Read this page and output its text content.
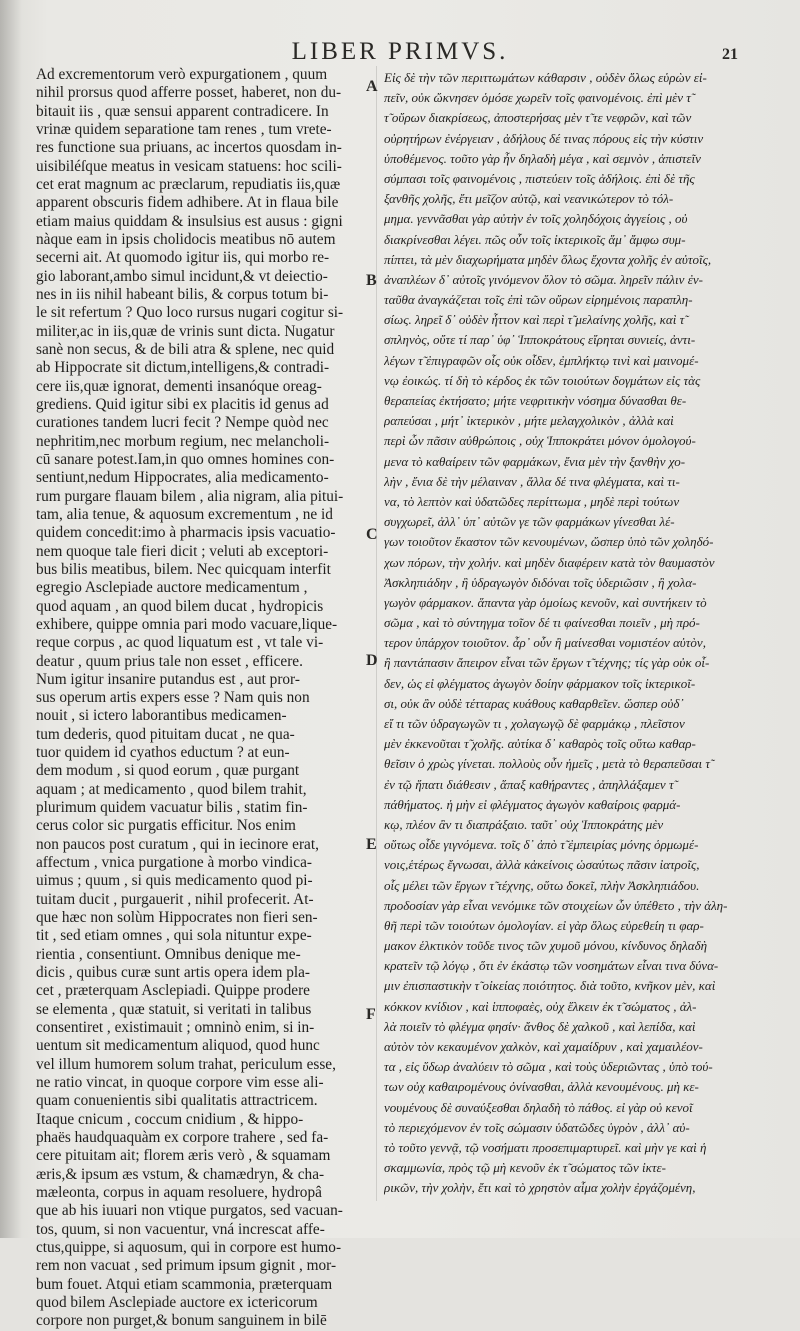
LIBER PRIMVS.	21
Ad excrementorum verò expurgationem , quum
nihil prorsus quod afferre posset, haberet, non du-
bitauit iis , quæ sensui apparent contradicere. In
vrinæ quidem separatione tam renes , tum vrete-
res functione sua priuans, ac incertos quosdam in-
uisibiléſque meatus in vesicam statuens: hoc scili-
cet erat magnum ac præclarum, repudiatis iis,quæ
apparent obscuris fidem adhibere. At in flaua bile
etiam maius quiddam & insulsius est ausus : gigni
nàque eam in ipsis cholidocis meatibus nō autem
secerni ait. At quomodo igitur iis, qui morbo re-
gio laborant,ambo simul incidunt,& vt deiectio-
nes in iis nihil habeant bilis, & corpus totum bi-
le sit refertum ? Quo loco rursus nugari cogitur si-
militer,ac in iis,quæ de vrinis sunt dicta. Nugatur
sanè non secus, & de bili atra & splene, nec quid
ab Hippocrate sit dictum,intelligens,& contradi-
cere iis,quæ ignorat, dementi insanóque oreag-
grediens. Quid igitur sibi ex placitis id genus ad
curationes tandem lucri fecit ? Nempe quòd nec
nephritim,nec morbum regium, nec melancholi-
cū sanare potest.Iam,in quo omnes homines con-
sentiunt,nedum Hippocrates, alia medicamento-
rum purgare flauam bilem , alia nigram, alia pitui-
tam, alia tenue, & aquosum excrementum , ne id
quidem concedit:imo à pharmacis ipsis vacuatio-
nem quoque tale fieri dicit ; veluti ab exceptori-
bus bilis meatibus, bilem. Nec quicquam interfit
egregio Asclepiade auctore medicamentum ,
quod aquam , an quod bilem ducat , hydropicis
exhibere, quippe omnia pari modo vacuare,lique-
reque corpus , ac quod liquatum est , vt tale vi-
deatur , quum prius tale non esset , efficere.
Num igitur insanire putandus est , aut pror-
sus operum artis expers esse ? Nam quis non
nouit , si ictero laborantibus medicamen-
tum dederis, quod pituitam ducat , ne qua-
tuor quidem id cyathos eductum ? at eun-
dem modum , si quod eorum , quæ purgant
aquam ; at medicamento , quod bilem trahit,
plurimum quidem vacuatur bilis , statim fin-
cerus color sic purgatis efficitur. Nos enim
non paucos post curatum , qui in iecinore erat,
affectum , vnica purgatione à morbo vindica-
uimus ; quum , si quis medicamento quod pi-
tuitam ducit , purgauerit , nihil profecerit. At-
que hæc non solùm Hippocrates non fieri sen-
tit , sed etiam omnes , qui sola nituntur expe-
rientia , consentiunt. Omnibus denique me-
dicis , quibus curæ sunt artis opera idem pla-
cet , præterquam Asclepiadi. Quippe prodere
se elementa , quæ statuit, si veritati in talibus
consentiret , existimauit ; omninò enim, si in-
uentum sit medicamentum aliquod, quod hunc
vel illum humorem solum trahat, periculum esse,
ne ratio vincat, in quoque corpore vim esse ali-
quam conuenientis sibi qualitatis attractricem.
Itaque cnicum , coccum cnidium , & hippo-
phaës haudquaquàm ex corpore trahere , sed fa-
cere pituitam ait; florem æris verò , & squamam
æris,& ipsum æs vstum, & chamædryn, & cha-
mæleonta, corpus in aquam resoluere, hydropâ
que ab his iuuari non vtique purgatos, sed vacuan-
tos, quum, si non vacuentur, vná increscat affe-
ctus,quippe, si aquosum, qui in corpore est humo-
rem non vacuat , sed primum ipsum gignit , mor-
bum fouet. Atqui etiam scammonia, præterquam
quod bilem Asclepiade auctore ex ictericorum
corpore non purget,& bonum sanguinem in bilē
A
B
C
D
E
F
Εἰς δὲ τὴν τῶν περιττωμάτων κάθαρσιν , οὐδὲν ὅλως εὑρὼν εἰ-
πεῖν, οὐκ ὤκνησεν ὁμόσε χωρεῖν τοῖς φαινομένοις. ἐπὶ μὲν τ̃
τ̃ οὔρων διακρίσεως, ἀποστερήσας μὲν τ̃ τε νεφρῶν, καὶ τῶν
οὐρητήρων ἐνέργειαν , ἀδήλους δέ τινας πόρους εἰς τὴν κύστιν
ὑποθέμενος. τοῦτο γὰρ ἦν δηλαδὴ μέγα , καὶ σεμνὸν , ἀπιστεῖν
σύμπασι τοῖς φαινομένοις , πιστεύειν τοῖς ἀδήλοις. ἐπὶ δὲ τῆς
ξανθῆς χολῆς, ἔτι μεῖζον αὐτῷ, καὶ νεανικώτερον τὸ τόλ-
μημα. γεννᾶσθαι γὰρ αὐτὴν ἐν τοῖς χοληδόχοις ἀγγείοις , οὐ
διακρίνεσθαι λέγει. πῶς οὖν τοῖς ἰκτερικοῖς ἅμ᾽ ἄμφω συμ-
πίπτει, τὰ μὲν διαχωρήματα μηδὲν ὅλως ἔχοντα χολῆς ἐν αὐτοῖς,
ἀναπλέων δ᾽ αὐτοῖς γινόμενον ὅλον τὸ σῶμα. ληρεῖν πάλιν ἐν-
ταῦθα ἀναγκάζεται τοῖς ἐπὶ τῶν οὔρων εἰρημένοις παραπλη-
σίως. ληρεῖ δ᾽ οὐδὲν ἧττον καὶ περὶ τ̃ μελαίνης χολῆς, καὶ τ̃
σπληνὸς, οὔτε τί παρ᾽ ὑφ᾽ Ἱπποκράτους εἴρηται συνιείς, ἀντι-
λέγων τ̃ ἐπιγραφῶν οἷς οὐκ οἶδεν, ἐμπλήκτῳ τινὶ καὶ μαινομέ-
νῳ ἐοικώς. τί δὴ τὸ κέρδος ἐκ τῶν τοιούτων δογμάτων εἰς τὰς
θεραπείας ἐκτήσατο; μήτε νεφριτικὴν νόσημα δύνασθαι θε-
ραπεύσαι , μήτ᾽ ἰκτερικὸν , μήτε μελαγχολικὸν , ἀλλὰ καὶ
περὶ ὧν πᾶσιν αὐθρώποις , οὐχ Ἱπποκράτει μόνον ὁμολογού-
μενα τὸ καθαίρειν τῶν φαρμάκων, ἔνια μὲν τὴν ξανθὴν χο-
λὴν , ἔνια δὲ τὴν μέλαιναν , ἄλλα δέ τινα φλέγματα, καὶ τι-
να, τὸ λεπτὸν καὶ ὑδατῶδες περίττωμα , μηδὲ περὶ τούτων
συγχωρεῖ, ἀλλ᾽ ὑπ᾽ αὐτῶν γε τῶν φαρμάκων γίνεσθαι λέ-
γων τοιοῦτον ἕκαστον τῶν κενουμένων, ὥσπερ ὑπὸ τῶν χοληδό-
χων πόρων, τὴν χολήν. καὶ μηδὲν διαφέρειν κατὰ τὸν θαυμαστὸν
Ἀσκληπιάδην , ἢ ὑδραγωγὸν διδόναι τοῖς ὑδεριῶσιν , ἢ χολα-
γωγὸν φάρμακον. ἅπαντα γὰρ ὁμοίως κενοῦν, καὶ συντήκειν τὸ
σῶμα , καὶ τὸ σύντηγμα τοῖον δέ τι φαίνεσθαι ποιεῖν , μὴ πρό-
τερον ὑπάρχον τοιοῦτον. ἆρ᾽ οὖν ἢ μαίνεσθαι νομιστέον αὐτὸν,
ἢ παντάπασιν ἄπειρον εἶναι τῶν ἔργων τ̃ τέχνης; τίς γὰρ οὐκ οἶ-
δεν, ὡς εἰ φλέγματος ἀγωγὸν δοίην φάρμακον τοῖς ἰκτερικοῖ-
σι, οὐκ ἂν οὐδὲ τέτταρας κυάθους καθαρθεῖεν. ὥσπερ οὐδ᾽
εἴ τι τῶν ὑδραγωγῶν τι , χολαγωγῷ δὲ φαρμάκῳ , πλεῖστον
μὲν ἐκκενοῦται τ̃ χολῆς. αὐτίκα δ᾽ καθαρὸς τοῖς οὕτω καθαρ-
θεῖσιν ὁ χρὼς γίνεται. πολλοὺς οὖν ἡμεῖς , μετὰ τὸ θεραπεῦσαι τ̃
ἐν τῷ ἥπατι διάθεσιν , ἅπαξ καθήραντες , ἀπηλλάξαμεν τ̃
πάθήματος. ἡ μὴν εἰ φλέγματος ἀγωγὸν καθαίροις φαρμά-
κῳ, πλέον ἂν τι διαπράξαιο. ταῦτ᾽ οὐχ Ἱπποκράτης μὲν
οὕτως οἶδε γιγνόμενα. τοῖς δ᾽ ἀπὸ τ̃ ἐμπειρίας μόνης ὁρμωμέ-
νοις,ἑτέρως ἔγνωσαι, ἀλλὰ κἀκείνοις ὡσαύτως πᾶσιν ἰατροῖς,
οἷς μέλει τῶν ἔργων τ̃ τέχνης, οὕτω δοκεῖ, πλὴν Ἀσκληπιάδου.
προδοσίαν γὰρ εἶναι νενόμικε τῶν στοιχείων ὧν ὑπέθετο , τὴν ἀλη-
θῆ περὶ τῶν τοιούτων ὁμολογίαν. εἰ γὰρ ὅλως εὑρεθείη τι φαρ-
μακον ἑλκτικὸν τοῦδε τινος τῶν χυμοῦ μόνου, κίνδυνος δηλαδὴ
κρατεῖν τῷ λόγῳ , ὅτι ἐν ἑκάστῳ τῶν νοσημάτων εἶναι τινα δύνα-
μιν ἐπισπαστικὴν τ̃ οἰκείας ποιότητος. διὰ τοῦτο, κνῆκον μὲν, καὶ
κόκκον κνίδιον , καὶ ἱπποφαὲς, οὐχ ἕλκειν ἐκ τ̃ σώματος , ἀλ-
λὰ ποιεῖν τὸ φλέγμα φησίν· ἄνθος δὲ χαλκοῦ , καὶ λεπίδα, καὶ
αὐτὸν τὸν κεκαυμένον χαλκὸν, καὶ χαμαίδρυν , καὶ χαμαιλέον-
τα , εἰς ὕδωρ ἀναλύειν τὸ σῶμα , καὶ τοὺς ὑδεριῶντας , ὑπὸ τού-
των οὐχ καθαιρομένους ὀνίνασθαι, ἀλλὰ κενουμένους. μὴ κε-
νουμένους δὲ συναύξεσθαι δηλαδὴ τὸ πάθος. εἰ γὰρ οὐ κενοῖ
τὸ περιεχόμενον ἐν τοῖς σώμασιν ὑδατῶδες ὑγρὸν , ἀλλ᾽ αὐ-
τὸ τοῦτο γεννᾷ, τῷ νοσήματι προσεπιμαρτυρεῖ. καὶ μὴν γε καὶ ἡ
σκαμμωνία, πρὸς τῷ μὴ κενοῦν ἐκ τ̃ σώματος τῶν ἰκτε-
ρικῶν, τὴν χολὴν, ἔτι καὶ τὸ χρηστὸν αἷμα χολὴν ἐργάζομένη,
